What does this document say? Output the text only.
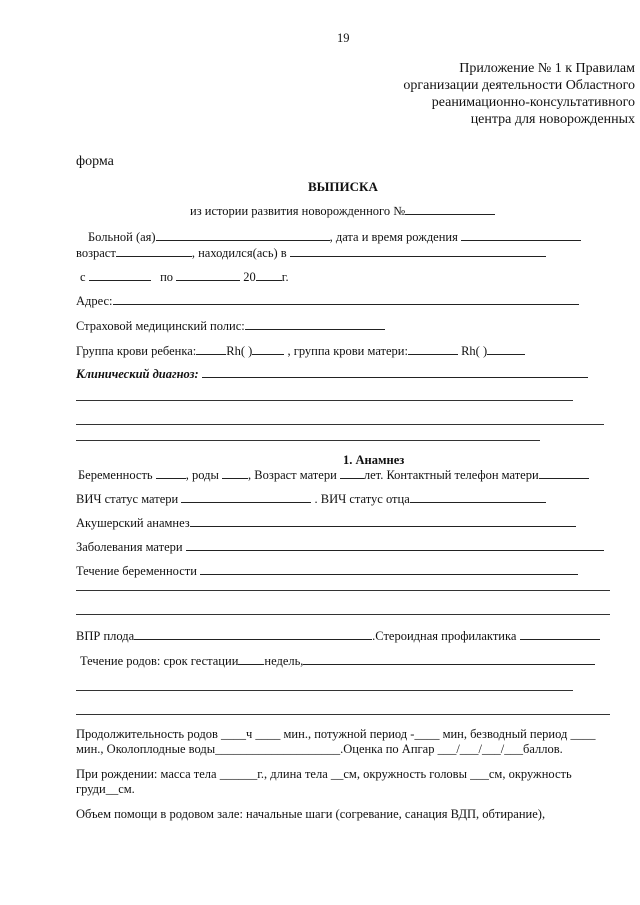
19
Приложение № 1 к Правилам
организации деятельности Областного
реанимационно-консультативного
центра для новорожденных
форма
ВЫПИСКА
из истории развития новорожденного №
Больной (ая)	, дата и время рождения
возраст	, находился(ась) в
с	по	20 г.
Адрес:
Страховой медицинский полис:
Группа крови ребенка: Rh( )	, группа крови матери:	Rh( )
Клинический диагноз:
1. Анамнез
Беременность	, роды , Возраст матери лет. Контактный телефон матери
ВИЧ статус матери	. ВИЧ статус отца
Акушерский анамнез
Заболевания матери
Течение беременности
ВПР плода	.Стероидная профилактика
Течение родов: срок гестации недель,
Продолжительность родов ____ч ____ мин., потужной период -____ мин, безводный период ____
мин., Околоплодные воды____________________.Оценка по Апгар ___/___/___/___баллов.
При рождении: масса тела ______г., длина тела __см, окружность головы ___см, окружность
груди__см.
Объем помощи в родовом зале: начальные шаги (согревание, санация ВДП, обтирание),
